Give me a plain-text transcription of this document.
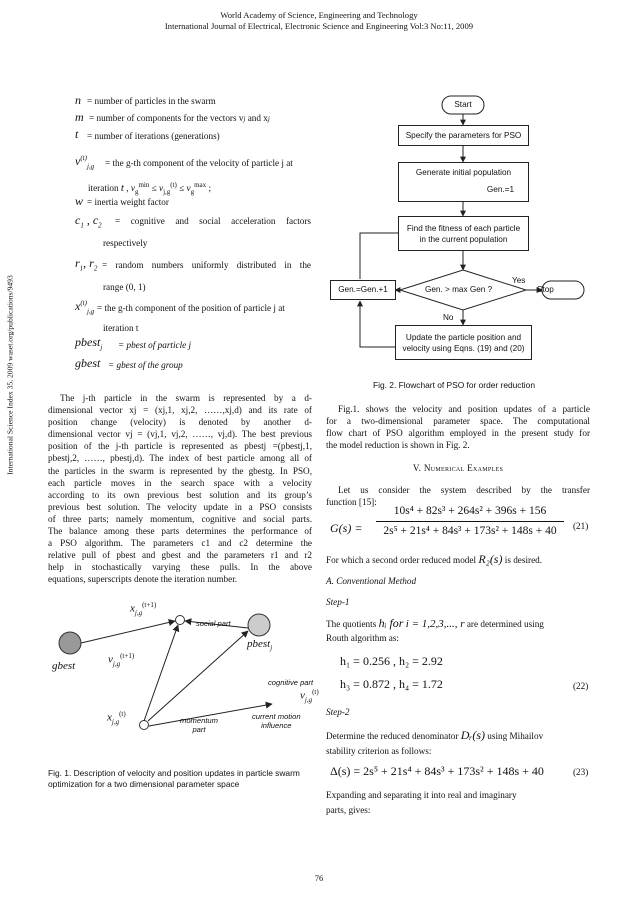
World Academy of Science, Engineering and Technology
International Journal of Electrical, Electronic Science and Engineering Vol:3 No:11, 2009
International Science Index 35, 2009 waset.org/publications/9493
n = number of particles in the swarm
m = number of components for the vectors vj and xj
t = number of iterations (generations)
$v^{(t)}_{j,g}$ = the g-th component of the velocity of particle j at
iteration t , $v_g^{min} \le v_{j,g}^{(t)} \le v_g^{max}$ ;
w = inertia weight factor
$c_1$ , $c_2$ = cognitive and social acceleration factors
respectively
$r_1$, $r_2$ = random numbers uniformly distributed in the
range (0, 1)
$x^{(t)}_{j,g}$ = the g-th component of the position of particle j at
iteration t
pbest$_j$ = pbest of particle j
gbest = gbest of the group
The j-th particle in the swarm is represented by a d-
dimensional vector xj = (xj,1, xj,2, ……,xj,d) and its rate of
position change (velocity) is denoted by another d-
dimensional vector vj = (vj,1, vj,2, ……, vj,d). The best previous
position of the j-th particle is represented as pbestj =(pbestj,1,
pbestj,2, ……, pbestj,d). The index of best particle among all of
the particles in the swarm is represented by the gbestg. In PSO,
each particle moves in the search space with a velocity
according to its own previous best solution and its group’s
previous best solution. The velocity update in a PSO consists
of three parts; namely momentum, cognitive and social parts.
The balance among these parts determines the performance of
a PSO algorithm. The parameters c1 and c2 determine the
relative pull of pbest and gbest and the parameters r1 and r2
help in stochastically varying these pulls. In the above
equations, superscripts denote the iteration number.
$x_{j,g}^{(t+1)}$
social part
pbest$_j$
gbest
$v_{j,g}^{(t+1)}$
cognitive part
$v_{j,g}^{(t)}$
$x_{j,g}^{(t)}$
momentum
part
current motion
influence
Fig. 1. Description of velocity and position updates in particle swarm
optimization for a two dimensional parameter space
Start
Specify the parameters for PSO
Generate initial population
Gen.=1
Find the fitness of each particle
in the current population
Gen. > max Gen ?
Yes
Stop
Gen.=Gen.+1
No
Update the particle position and
velocity using Eqns. (19) and (20)
Fig. 2. Flowchart of PSO for order reduction
Fig.1. shows the velocity and position updates of a particle
for a two-dimensional parameter space. The computational
flow chart of PSO algorithm employed in the present study for
the model reduction is shown in Fig. 2.
V. Numerical Examples
Let us consider the system described by the transfer
function [15]:
G(s) =
10s⁴ + 82s³ + 264s² + 396s + 156
2s⁵ + 21s⁴ + 84s³ + 173s² + 148s + 40	(21)
For which a second order reduced model R₂(s) is desired.
A. Conventional Method
Step-1
The quotients hᵢ for i = 1,2,3,..., r are determined using
Routh algorithm as:
h₁ = 0.256 , h₂ = 2.92
h₃ = 0.872 , h₄ = 1.72	(22)
Step-2
Determine the reduced denominator Dᵣ(s) using Mihailov
stability criterion as follows:
Δ(s) = 2s⁵ + 21s⁴ + 84s³ + 173s² + 148s + 40	(23)
Expanding and separating it into real and imaginary
parts, gives:
76
